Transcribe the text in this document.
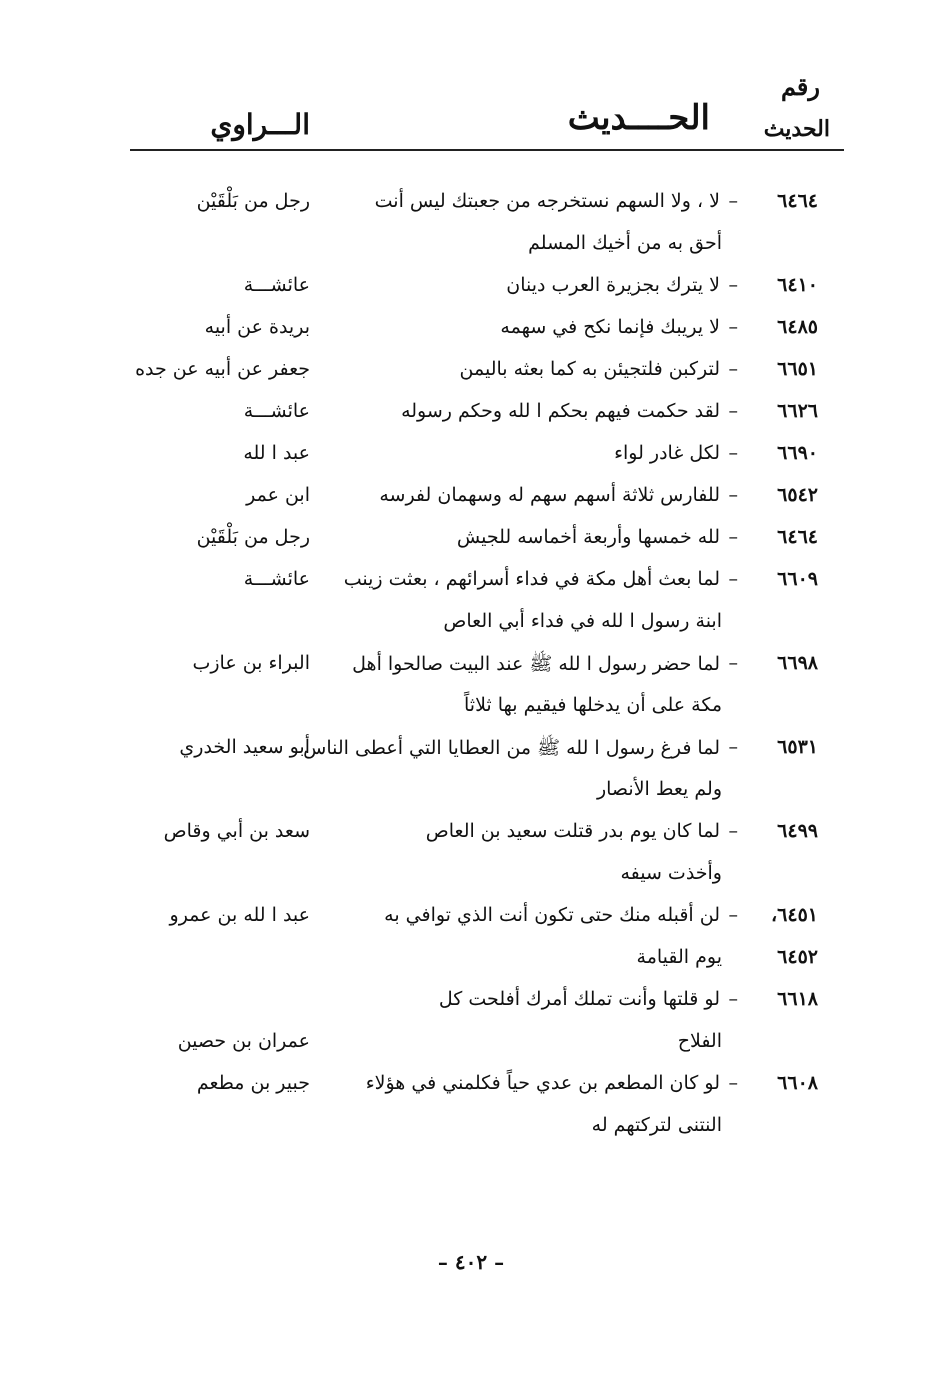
رقم
الحديث
الحــــديث
الـــراوي
٦٤٦٤
–
لا ، ولا السهم نستخرجه من جعبتك ليس أنت
رجل من بَلْقَيْن
أحق به من أخيك المسلم
٦٤١٠
–
لا يترك بجزيرة العرب دينان
عائشـــة
٦٤٨٥
–
لا يريبك فإنما نكح في سهمه
بريدة عن أبيه
٦٦٥١
–
لتركبن فلتجيئن به كما بعثه باليمن
جعفر عن أبيه عن جده
٦٦٢٦
–
لقد حكمت فيهم بحكم ا لله وحكم رسوله
عائشـــة
٦٦٩٠
–
لكل غادر لواء
عبد ا لله
٦٥٤٢
–
للفارس ثلاثة أسهم سهم له وسهمان لفرسه
ابن عمر
٦٤٦٤
–
لله خمسها وأربعة أخماسه للجيش
رجل من بَلْقَيْن
٦٦٠٩
–
لما بعث أهل مكة في فداء أسرائهم ، بعثت زينب
عائشـــة
ابنة رسول ا لله في فداء أبي العاص
٦٦٩٨
–
لما حضر رسول ا لله ﷺ عند البيت صالحوا أهل
البراء بن عازب
مكة على أن يدخلها فيقيم بها ثلاثاً
٦٥٣١
–
لما فرغ رسول ا لله ﷺ من العطايا التي أعطى الناس
أبو سعيد الخدري
ولم يعط الأنصار
٦٤٩٩
–
لما كان يوم بدر قتلت سعيد بن العاص
سعد بن أبي وقاص
وأخذت سيفه
٦٤٥١،
–
لن أقبله منك حتى تكون أنت الذي توافي به
عبد ا لله بن عمرو
٦٤٥٢
يوم القيامة
٦٦١٨
–
لو قلتها وأنت تملك أمرك أفلحت كل
الفلاح
عمران بن حصين
٦٦٠٨
–
لو كان المطعم بن عدي حياً فكلمني في هؤلاء
جبير بن مطعم
النتنى لتركتهم له
– ٤٠٢ –
